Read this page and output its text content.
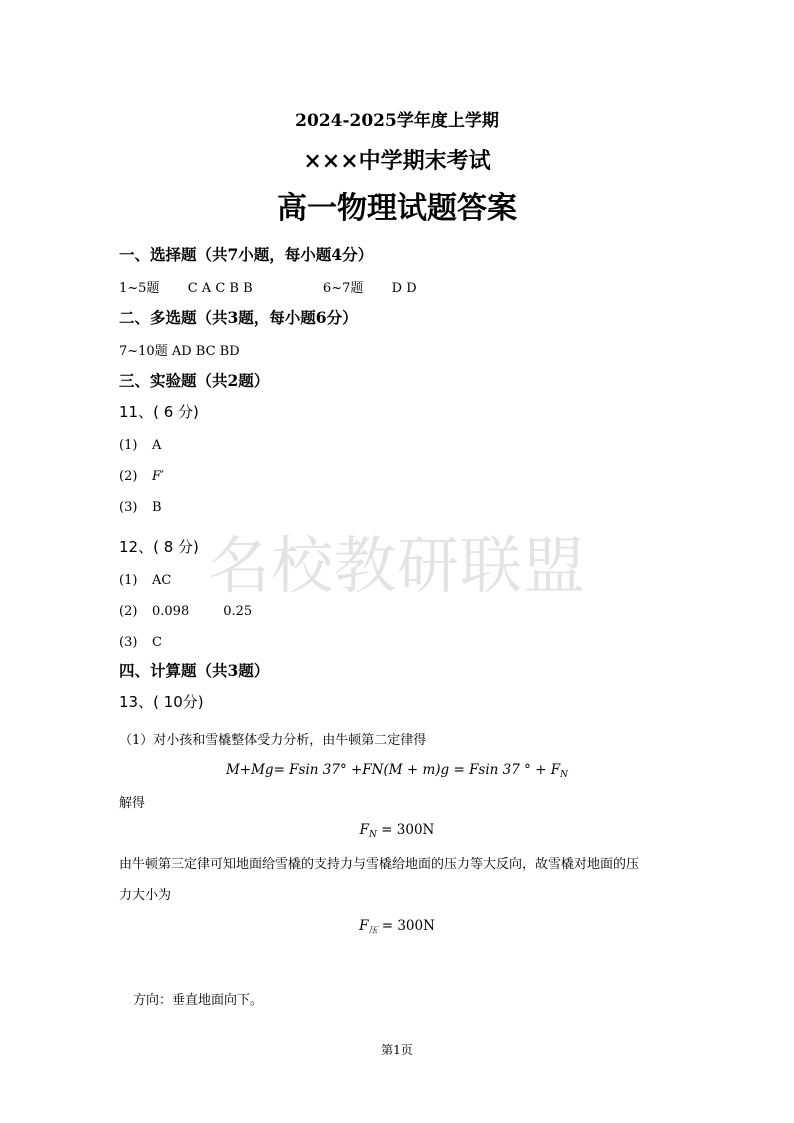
名校教研联盟
2024-2025学年度上学期
×××中学期末考试
高一物理试题答案
一、选择题（共7小题，每小题4分）
1~5题 C A C B B	6~7题 D D
二、多选题（共3题，每小题6分）
7~10题 AD BC BD
三、实验题（共2题）
11、( 6 分)
(1) A
(2) F′
(3) B
12、( 8 分)
(1) AC
(2) 0.098	0.25
(3) C
四、计算题（共3题）
13、( 10分)
（1）对小孩和雪橇整体受力分析，由牛顿第二定律得
M+Mg= Fsin 37° +FN(M + m)g = Fsin 37 ° + $F_N$
解得
$F_N = 300N$
由牛顿第三定律可知地面给雪橇的支持力与雪橇给地面的压力等大反向，故雪橇对地面的压
力大小为
$F_压 = 300N$
方向：垂直地面向下。
第1页
